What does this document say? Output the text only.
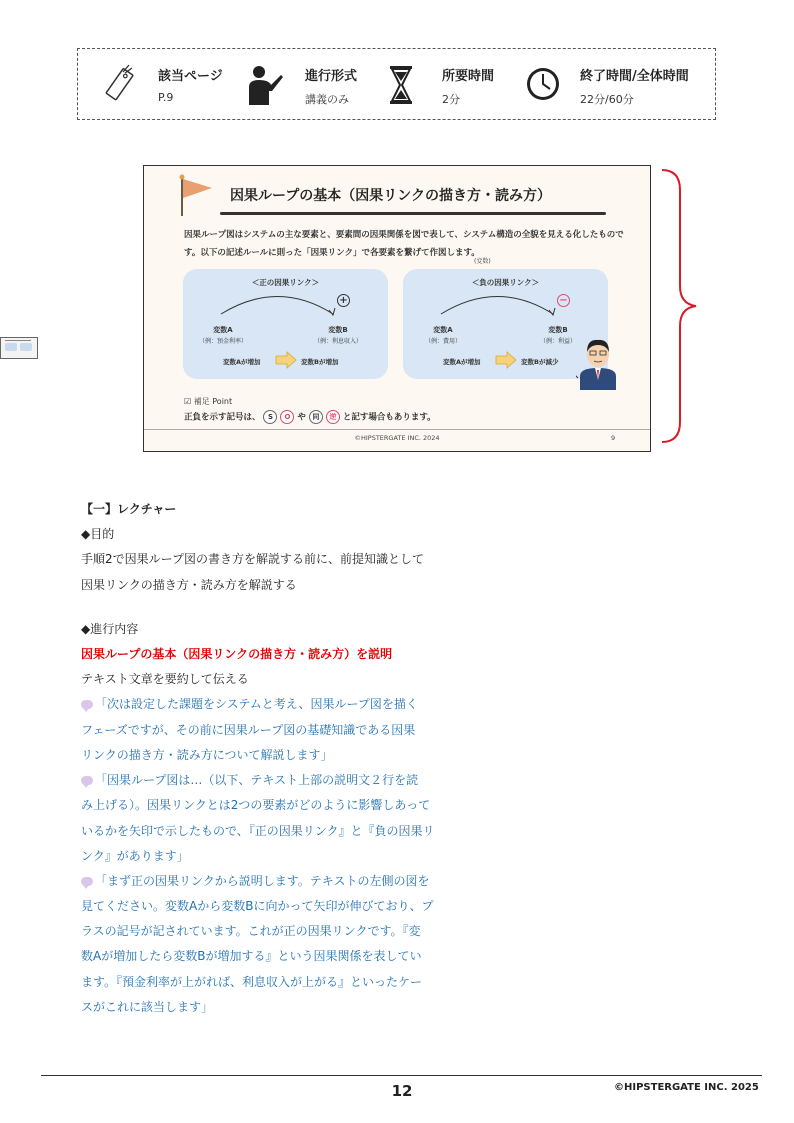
該当ページ
P.9
進行形式
講義のみ
所要時間
2分
終了時間/全体時間
22分/60分
因果ループの基本（因果リンクの描き方・読み方）
因果ループ図はシステムの主な要素と、要素間の因果関係を図で表して、システム構造の全貌を見える化したものです。以下の記述ルールに則った「因果リンク」で各要素を繋げて作図します。
(変数)
＜正の因果リンク＞
+
変数A
（例：預金利率）
変数B
（例：利息収入）
変数Aが増加	変数Bが増加
＜負の因果リンク＞
−
変数A
（例：費用）
変数B
（例：利益）
変数Aが増加	変数Bが減少
☑ 補足 Point
正負を示す記号は、 S O や 同 逆 と記す場合もあります。
©HIPSTERGATE INC. 2024	9
【一】レクチャー
◆目的
手順2で因果ループ図の書き方を解説する前に、前提知識として
因果リンクの描き方・読み方を解説する
◆進行内容
因果ループの基本（因果リンクの描き方・読み方）を説明
テキスト文章を要約して伝える
「次は設定した課題をシステムと考え、因果ループ図を描く
フェーズですが、その前に因果ループ図の基礎知識である因果
リンクの描き方・読み方について解説します」
「因果ループ図は…（以下、テキスト上部の説明文２行を読
み上げる）。因果リンクとは2つの要素がどのように影響しあって
いるかを矢印で示したもので、『正の因果リンク』と『負の因果リ
ンク』があります」
「まず正の因果リンクから説明します。テキストの左側の図を
見てください。変数Aから変数Bに向かって矢印が伸びており、プ
ラスの記号が記されています。これが正の因果リンクです。『変
数Aが増加したら変数Bが増加する』という因果関係を表してい
ます。『預金利率が上がれば、利息収入が上がる』といったケー
スがこれに該当します」
12	©HIPSTERGATE INC. 2025
